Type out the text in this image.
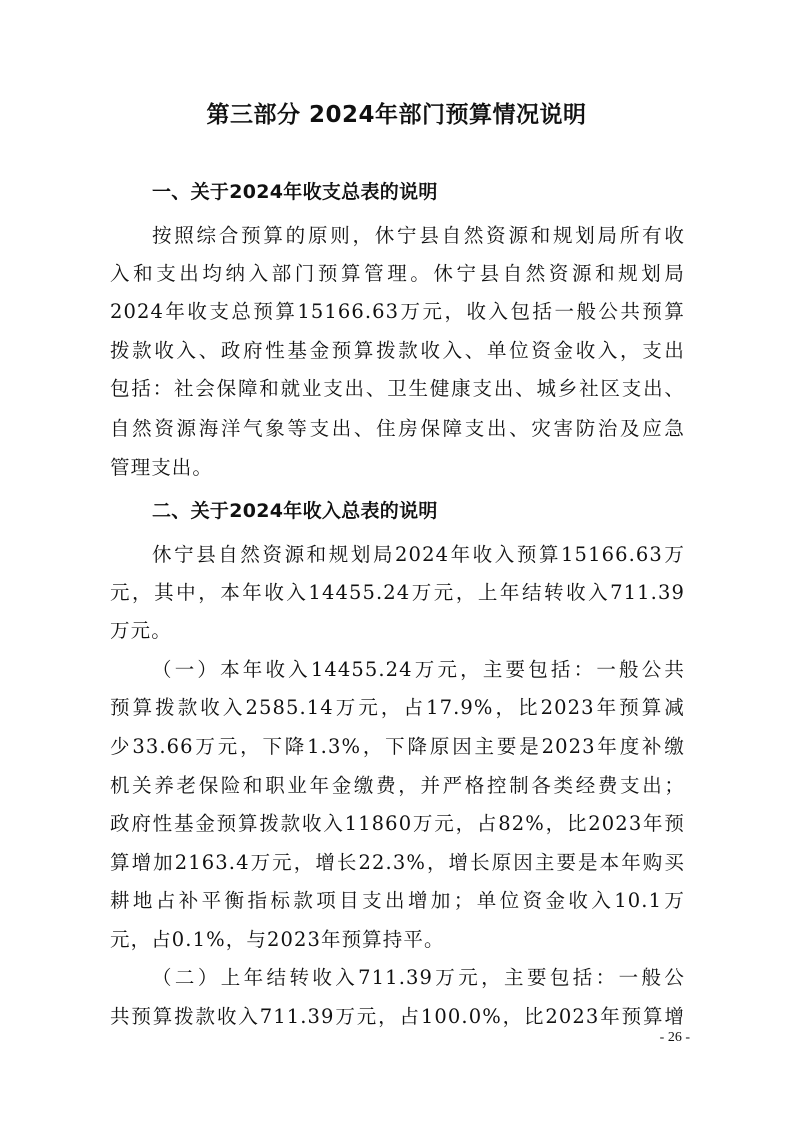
第三部分 2024年部门预算情况说明
一、关于2024年收支总表的说明
按照综合预算的原则，休宁县自然资源和规划局所有收
入和支出均纳入部门预算管理。休宁县自然资源和规划局
2024年收支总预算15166.63万元，收入包括一般公共预算
拨款收入、政府性基金预算拨款收入、单位资金收入，支出
包括：社会保障和就业支出、卫生健康支出、城乡社区支出、
自然资源海洋气象等支出、住房保障支出、灾害防治及应急
管理支出。
二、关于2024年收入总表的说明
休宁县自然资源和规划局2024年收入预算15166.63万
元，其中，本年收入14455.24万元，上年结转收入711.39
万元。
（一）本年收入14455.24万元，主要包括：一般公共
预算拨款收入2585.14万元，占17.9%，比2023年预算减
少33.66万元，下降1.3%，下降原因主要是2023年度补缴
机关养老保险和职业年金缴费，并严格控制各类经费支出；
政府性基金预算拨款收入11860万元，占82%，比2023年预
算增加2163.4万元，增长22.3%，增长原因主要是本年购买
耕地占补平衡指标款项目支出增加；单位资金收入10.1万
元，占0.1%，与2023年预算持平。
（二）上年结转收入711.39万元，主要包括：一般公
共预算拨款收入711.39万元，占100.0%，比2023年预算增
- 26 -
